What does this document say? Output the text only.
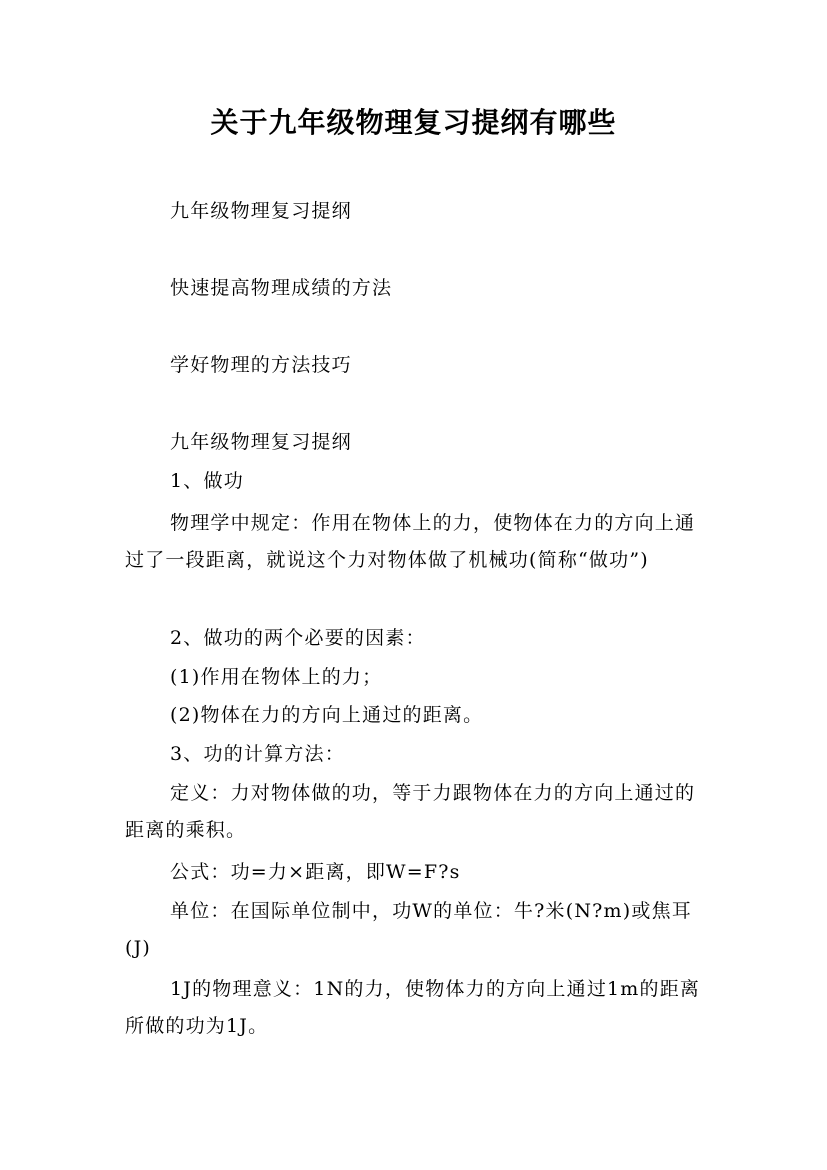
关于九年级物理复习提纲有哪些
九年级物理复习提纲
快速提高物理成绩的方法
学好物理的方法技巧
九年级物理复习提纲
1、做功
物理学中规定：作用在物体上的力，使物体在力的方向上通过了一段距离，就说这个力对物体做了机械功(简称“做功”)
2、做功的两个必要的因素：
(1)作用在物体上的力；
(2)物体在力的方向上通过的距离。
3、功的计算方法：
定义：力对物体做的功，等于力跟物体在力的方向上通过的距离的乘积。
公式：功=力×距离，即W=F?s
单位：在国际单位制中，功W的单位：牛?米(N?m)或焦耳(J)
1J的物理意义：1N的力，使物体力的方向上通过1m的距离所做的功为1J。
